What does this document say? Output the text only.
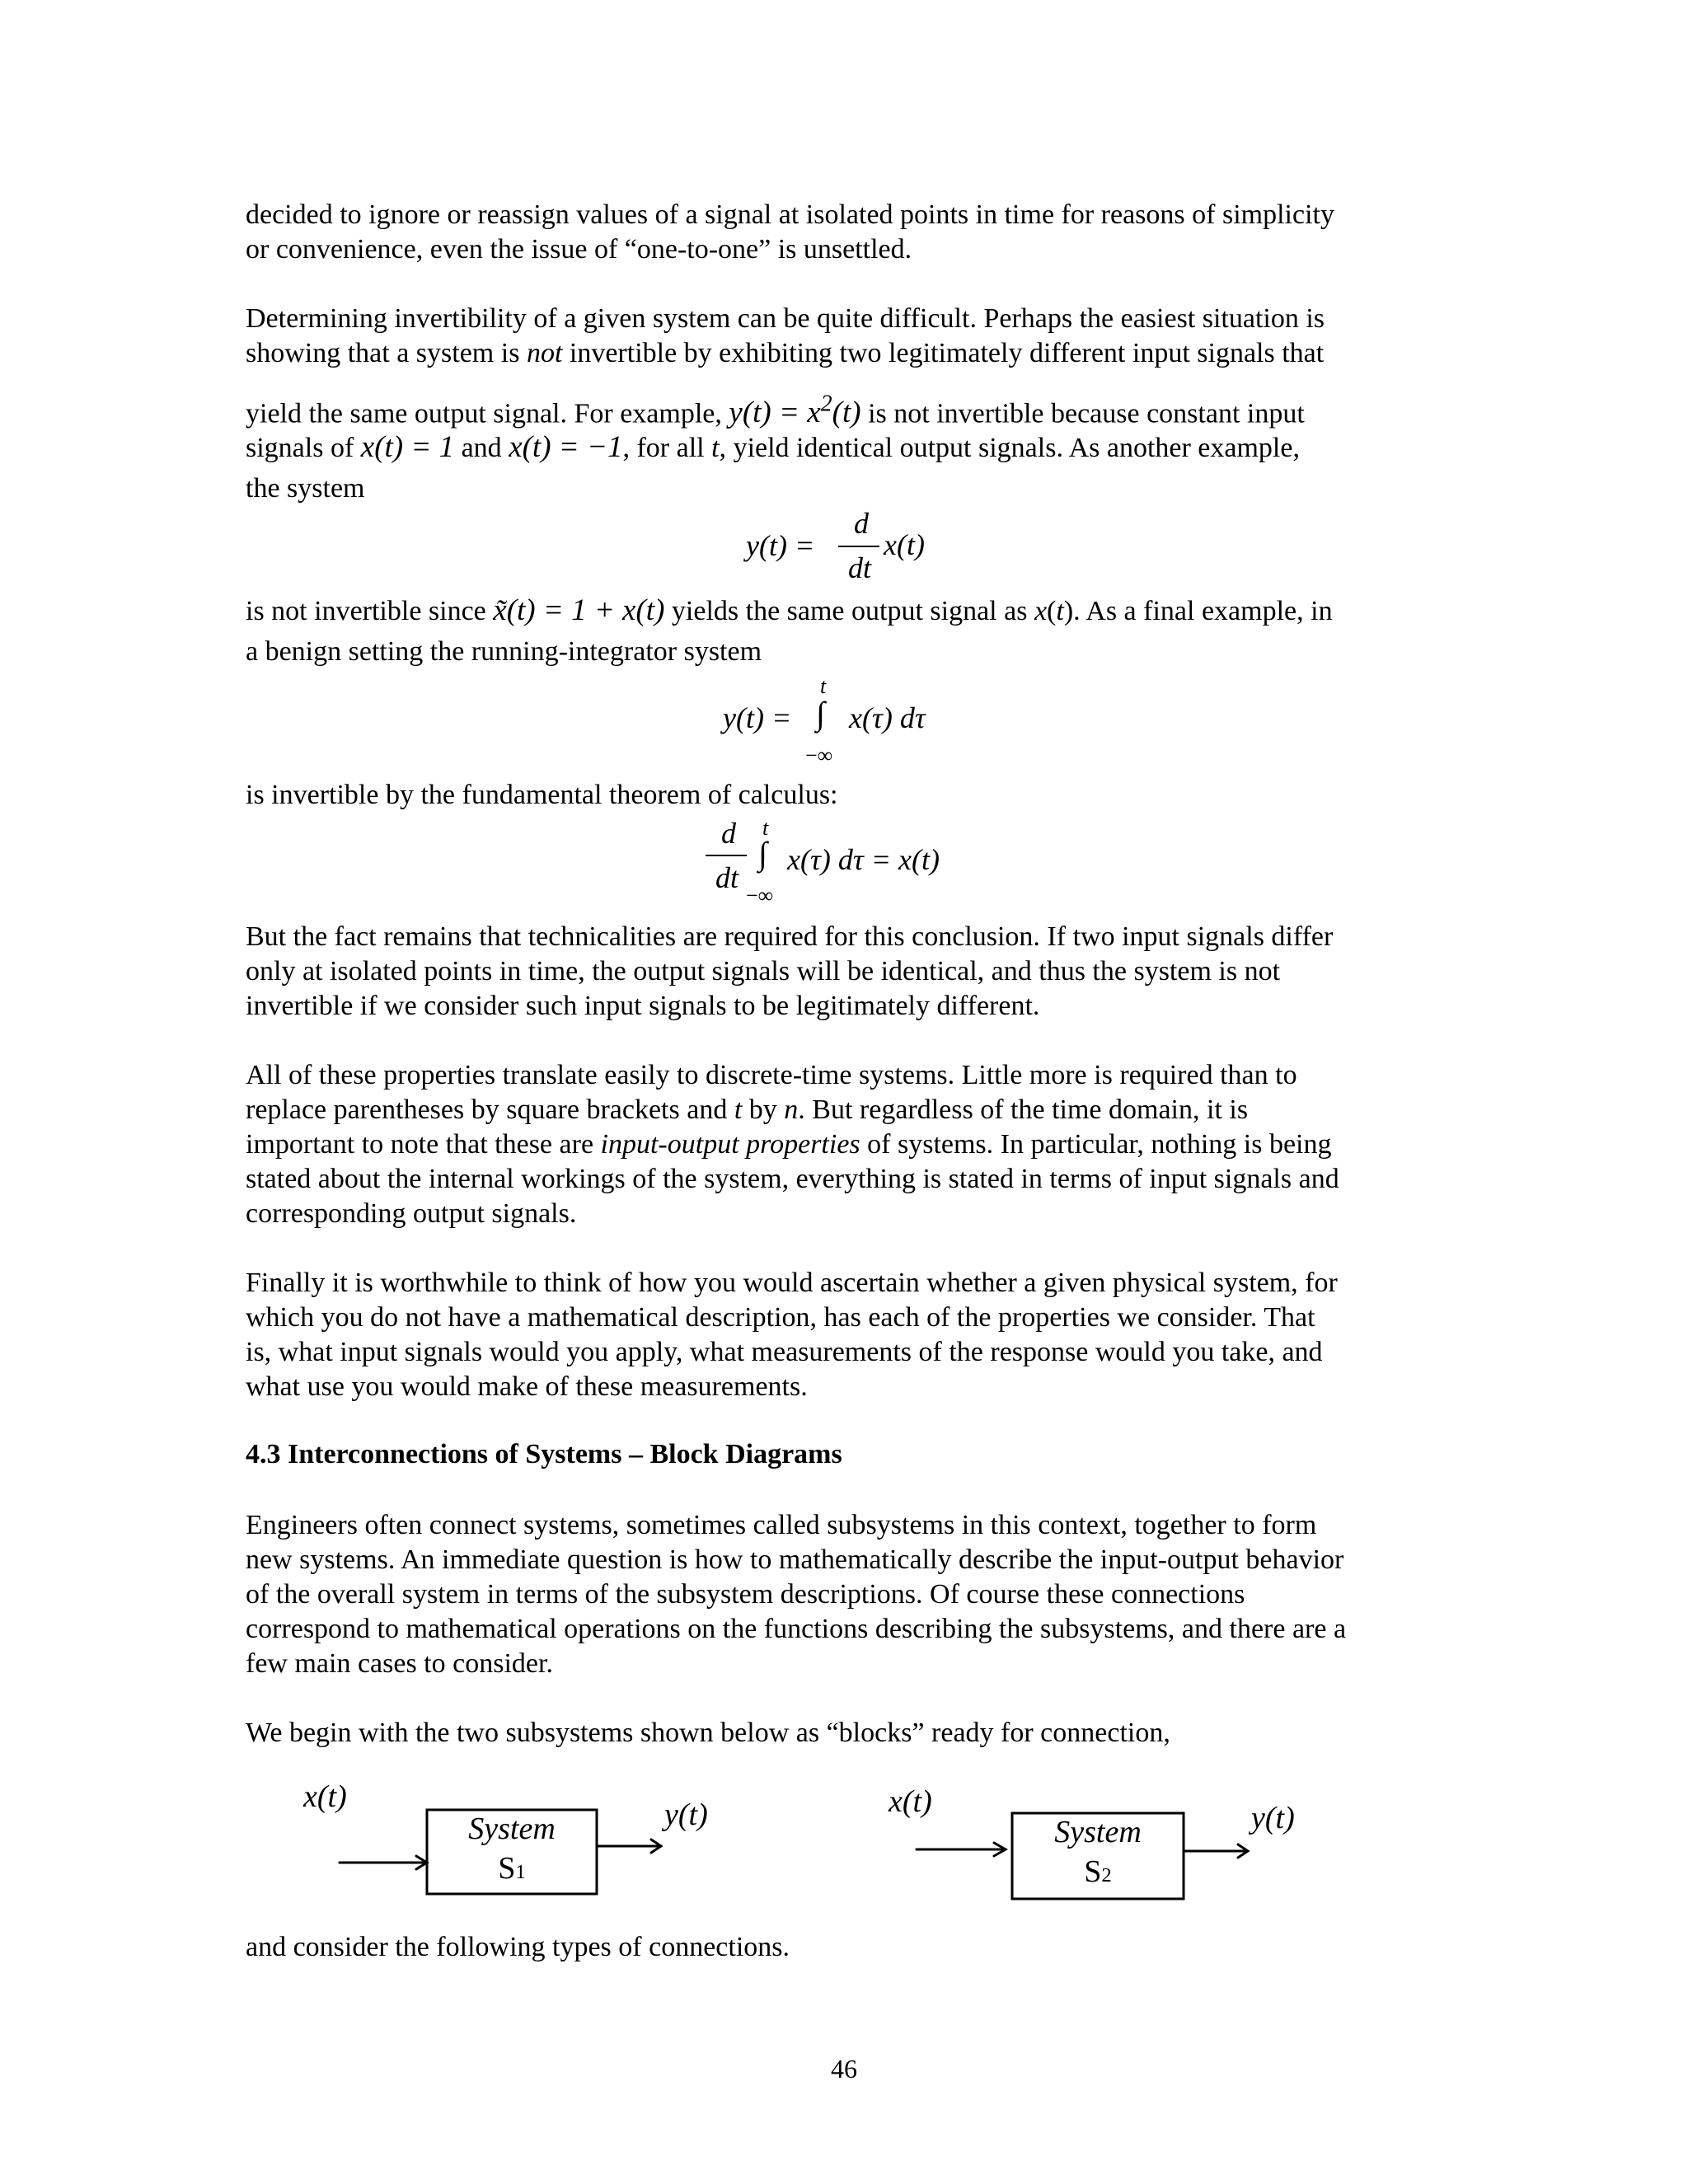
decided to ignore or reassign values of a signal at isolated points in time for reasons of simplicity
or convenience, even the issue of “one-to-one” is unsettled.
Determining invertibility of a given system can be quite difficult. Perhaps the easiest situation is
showing that a system is not invertible by exhibiting two legitimately different input signals that
yield the same output signal. For example, $y(t) = x^2(t)$ is not invertible because constant input
signals of x(t) = 1 and x(t) = −1, for all t, yield identical output signals. As another example,
the system
y(t) =
d
dt
x(t)
is not invertible since x̃(t) = 1 + x(t) yields the same output signal as x(t). As a final example, in
a benign setting the running-integrator system
y(t) =
t
∫
−∞
x(τ) dτ
is invertible by the fundamental theorem of calculus:
d
dt
t
∫
−∞
x(τ) dτ = x(t)
But the fact remains that technicalities are required for this conclusion. If two input signals differ
only at isolated points in time, the output signals will be identical, and thus the system is not
invertible if we consider such input signals to be legitimately different.
All of these properties translate easily to discrete-time systems. Little more is required than to
replace parentheses by square brackets and t by n. But regardless of the time domain, it is
important to note that these are input-output properties of systems. In particular, nothing is being
stated about the internal workings of the system, everything is stated in terms of input signals and
corresponding output signals.
Finally it is worthwhile to think of how you would ascertain whether a given physical system, for
which you do not have a mathematical description, has each of the properties we consider. That
is, what input signals would you apply, what measurements of the response would you take, and
what use you would make of these measurements.
4.3 Interconnections of Systems – Block Diagrams
Engineers often connect systems, sometimes called subsystems in this context, together to form
new systems. An immediate question is how to mathematically describe the input-output behavior
of the overall system in terms of the subsystem descriptions. Of course these connections
correspond to mathematical operations on the functions describing the subsystems, and there are a
few main cases to consider.
We begin with the two subsystems shown below as “blocks” ready for connection,
x(t)
System
S1
y(t)	x(t)
System
S2
y(t)
and consider the following types of connections.
46
